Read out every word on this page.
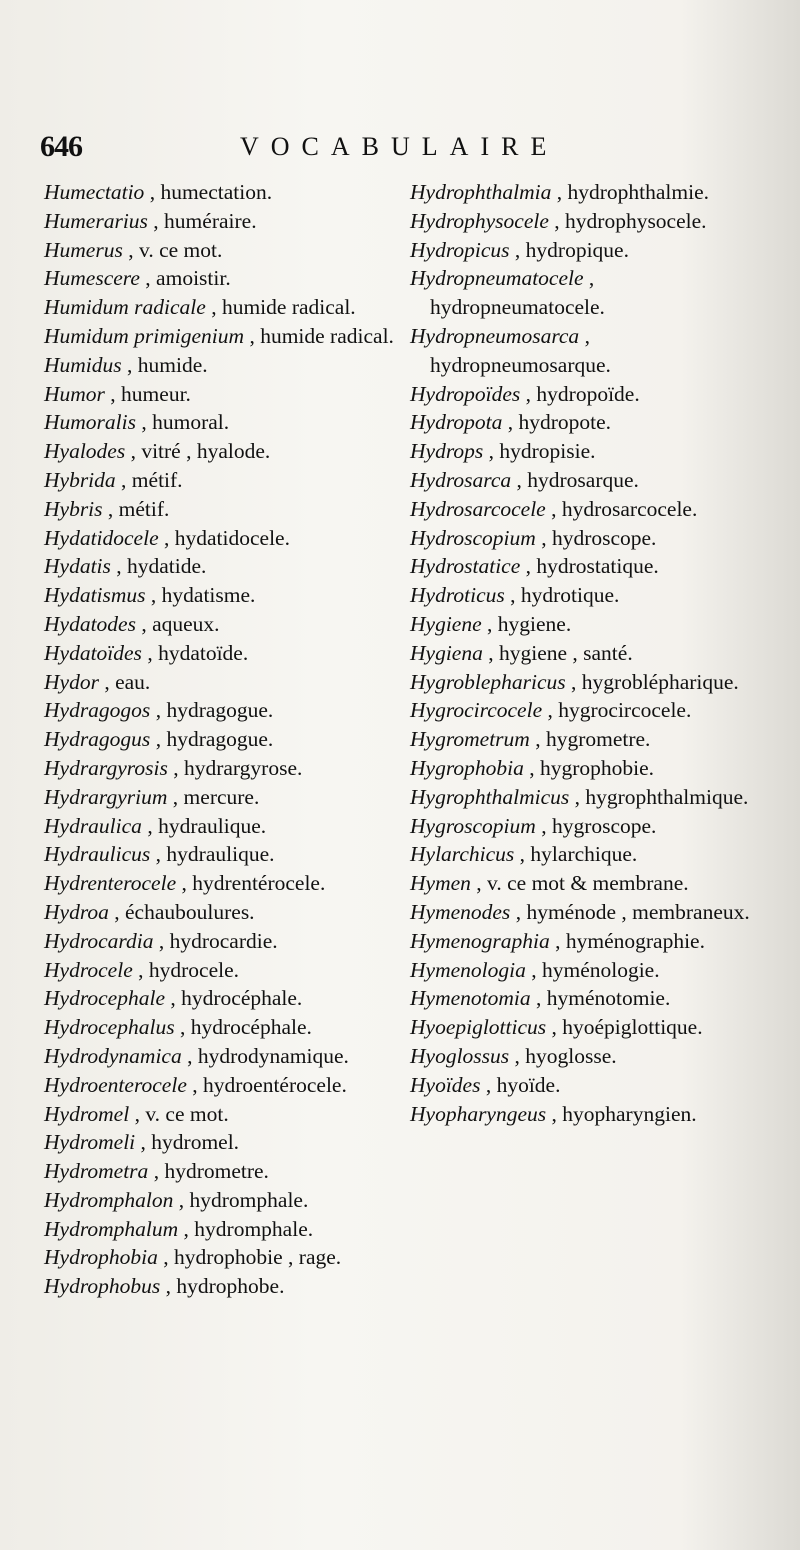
646	VOCABULAIRE

Humectatio , humectation.

Humerarius , huméraire.

Humerus , v. ce mot.

Humescere , amoistir.

Humidum radicale , humide radical.

Humidum primigenium , humide radical.

Humidus , humide.

Humor , humeur.

Humoralis , humoral.

Hyalodes , vitré , hyalode.

Hybrida , métif.

Hybris , métif.

Hydatidocele , hydatidocele.

Hydatis , hydatide.

Hydatismus , hydatisme.

Hydatodes , aqueux.

Hydatoïdes , hydatoïde.

Hydor , eau.

Hydragogos , hydragogue.

Hydragogus , hydragogue.

Hydrargyrosis , hydrargyrose.

Hydrargyrium , mercure.

Hydraulica , hydraulique.

Hydraulicus , hydraulique.

Hydrenterocele , hydrentérocele.

Hydroa , échauboulures.

Hydrocardia , hydrocardie.

Hydrocele , hydrocele.

Hydrocephale , hydrocéphale.

Hydrocephalus , hydrocéphale.

Hydrodynamica , hydrodynamique.

Hydroenterocele , hydroentérocele.

Hydromel , v. ce mot.

Hydromeli , hydromel.

Hydrometra , hydrometre.

Hydromphalon , hydromphale.

Hydromphalum , hydromphale.

Hydrophobia , hydrophobie , rage.

Hydrophobus , hydrophobe.

Hydrophthalmia , hydrophthalmie.

Hydrophysocele , hydrophysocele.

Hydropicus , hydropique.

Hydropneumatocele , hydropneumatocele.

Hydropneumosarca , hydropneumosarque.

Hydropoïdes , hydropoïde.

Hydropota , hydropote.

Hydrops , hydropisie.

Hydrosarca , hydrosarque.

Hydrosarcocele , hydrosarcocele.

Hydroscopium , hydroscope.

Hydrostatice , hydrostatique.

Hydroticus , hydrotique.

Hygiene , hygiene.

Hygiena , hygiene , santé.

Hygroblepharicus , hygroblépharique.

Hygrocircocele , hygrocircocele.

Hygrometrum , hygrometre.

Hygrophobia , hygrophobie.

Hygrophthalmicus , hygrophthalmique.

Hygroscopium , hygroscope.

Hylarchicus , hylarchique.

Hymen , v. ce mot & membrane.

Hymenodes , hyménode , membraneux.

Hymenographia , hyménographie.

Hymenologia , hyménologie.

Hymenotomia , hyménotomie.

Hyoepiglotticus , hyoépiglottique.

Hyoglossus , hyoglosse.

Hyoïdes , hyoïde.

Hyopharyngeus , hyopharyngien.
